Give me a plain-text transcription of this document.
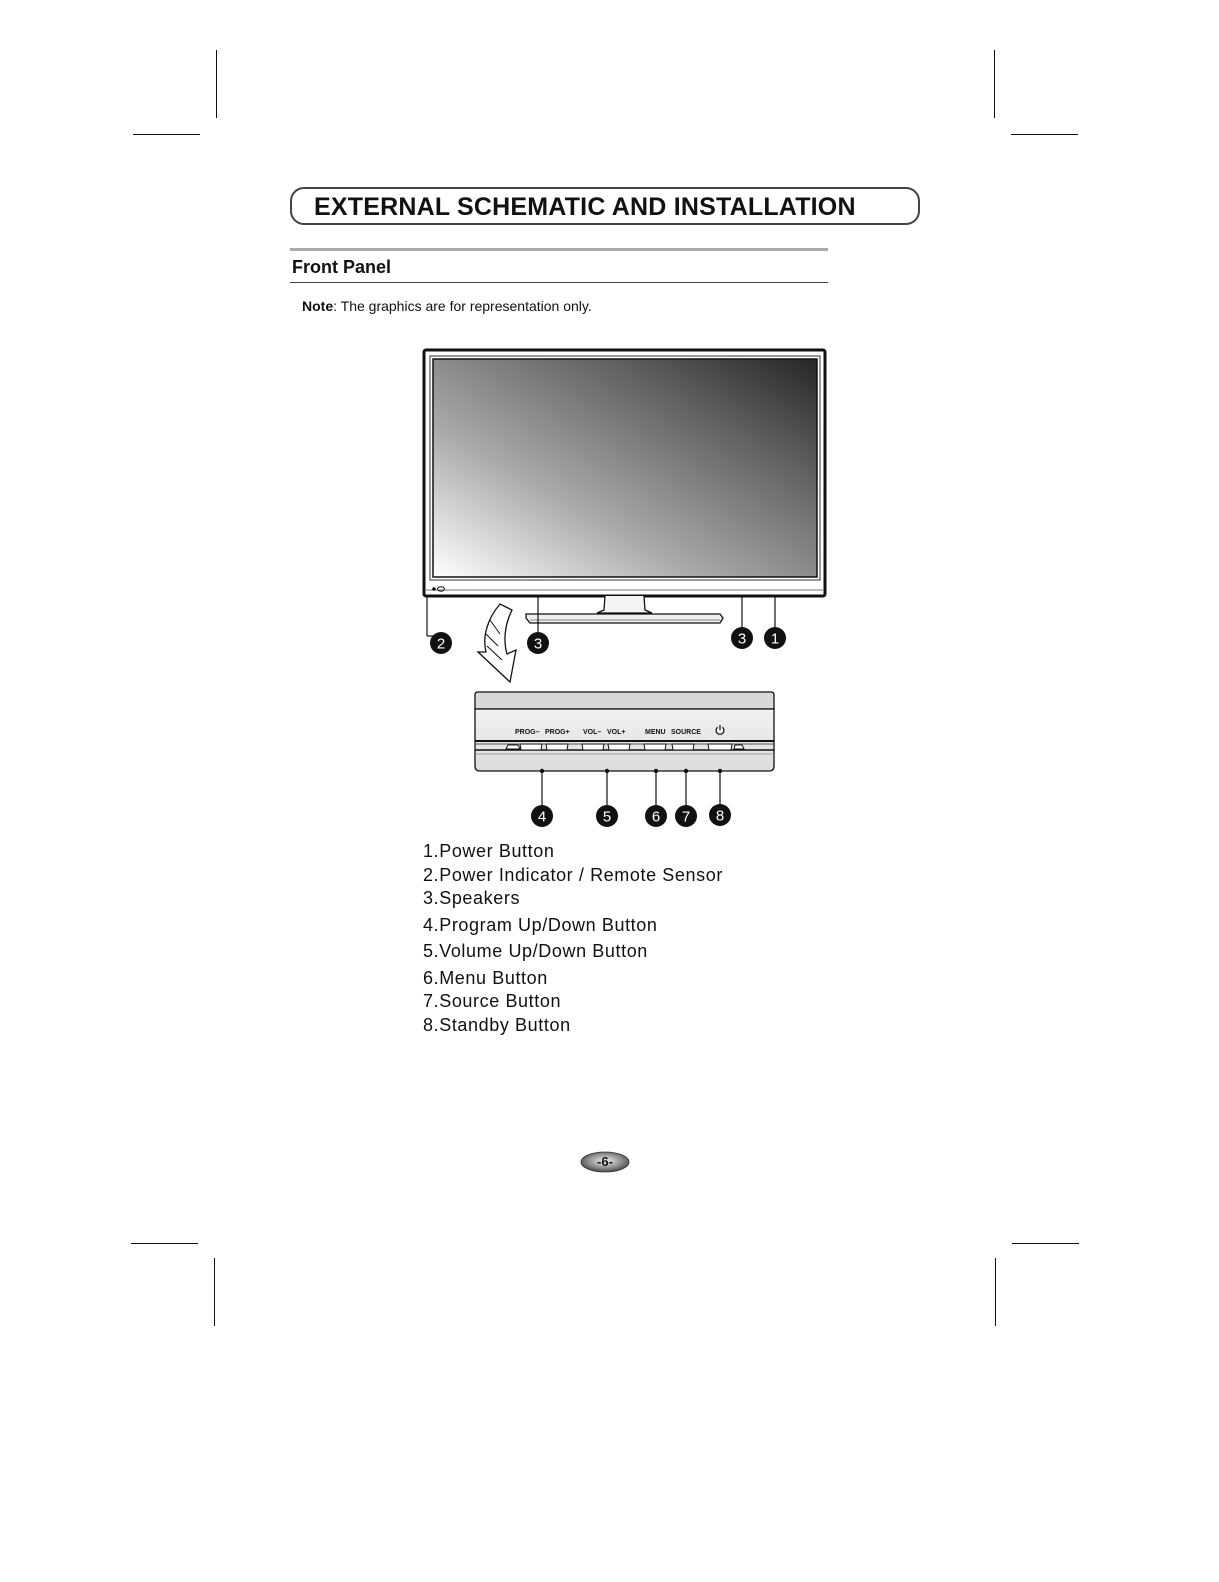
EXTERNAL SCHEMATIC AND INSTALLATION
Front Panel
Note: The graphics are for representation only.
PROG– PROG+ VOL– VOL+	MENU SOURCE
2	3	3 1
4	5	6 7 8
1.Power Button
2.Power Indicator / Remote Sensor
3.Speakers
4.Program Up/Down Button
5.Volume Up/Down Button
6.Menu Button
7.Source Button
8.Standby Button
-6-
